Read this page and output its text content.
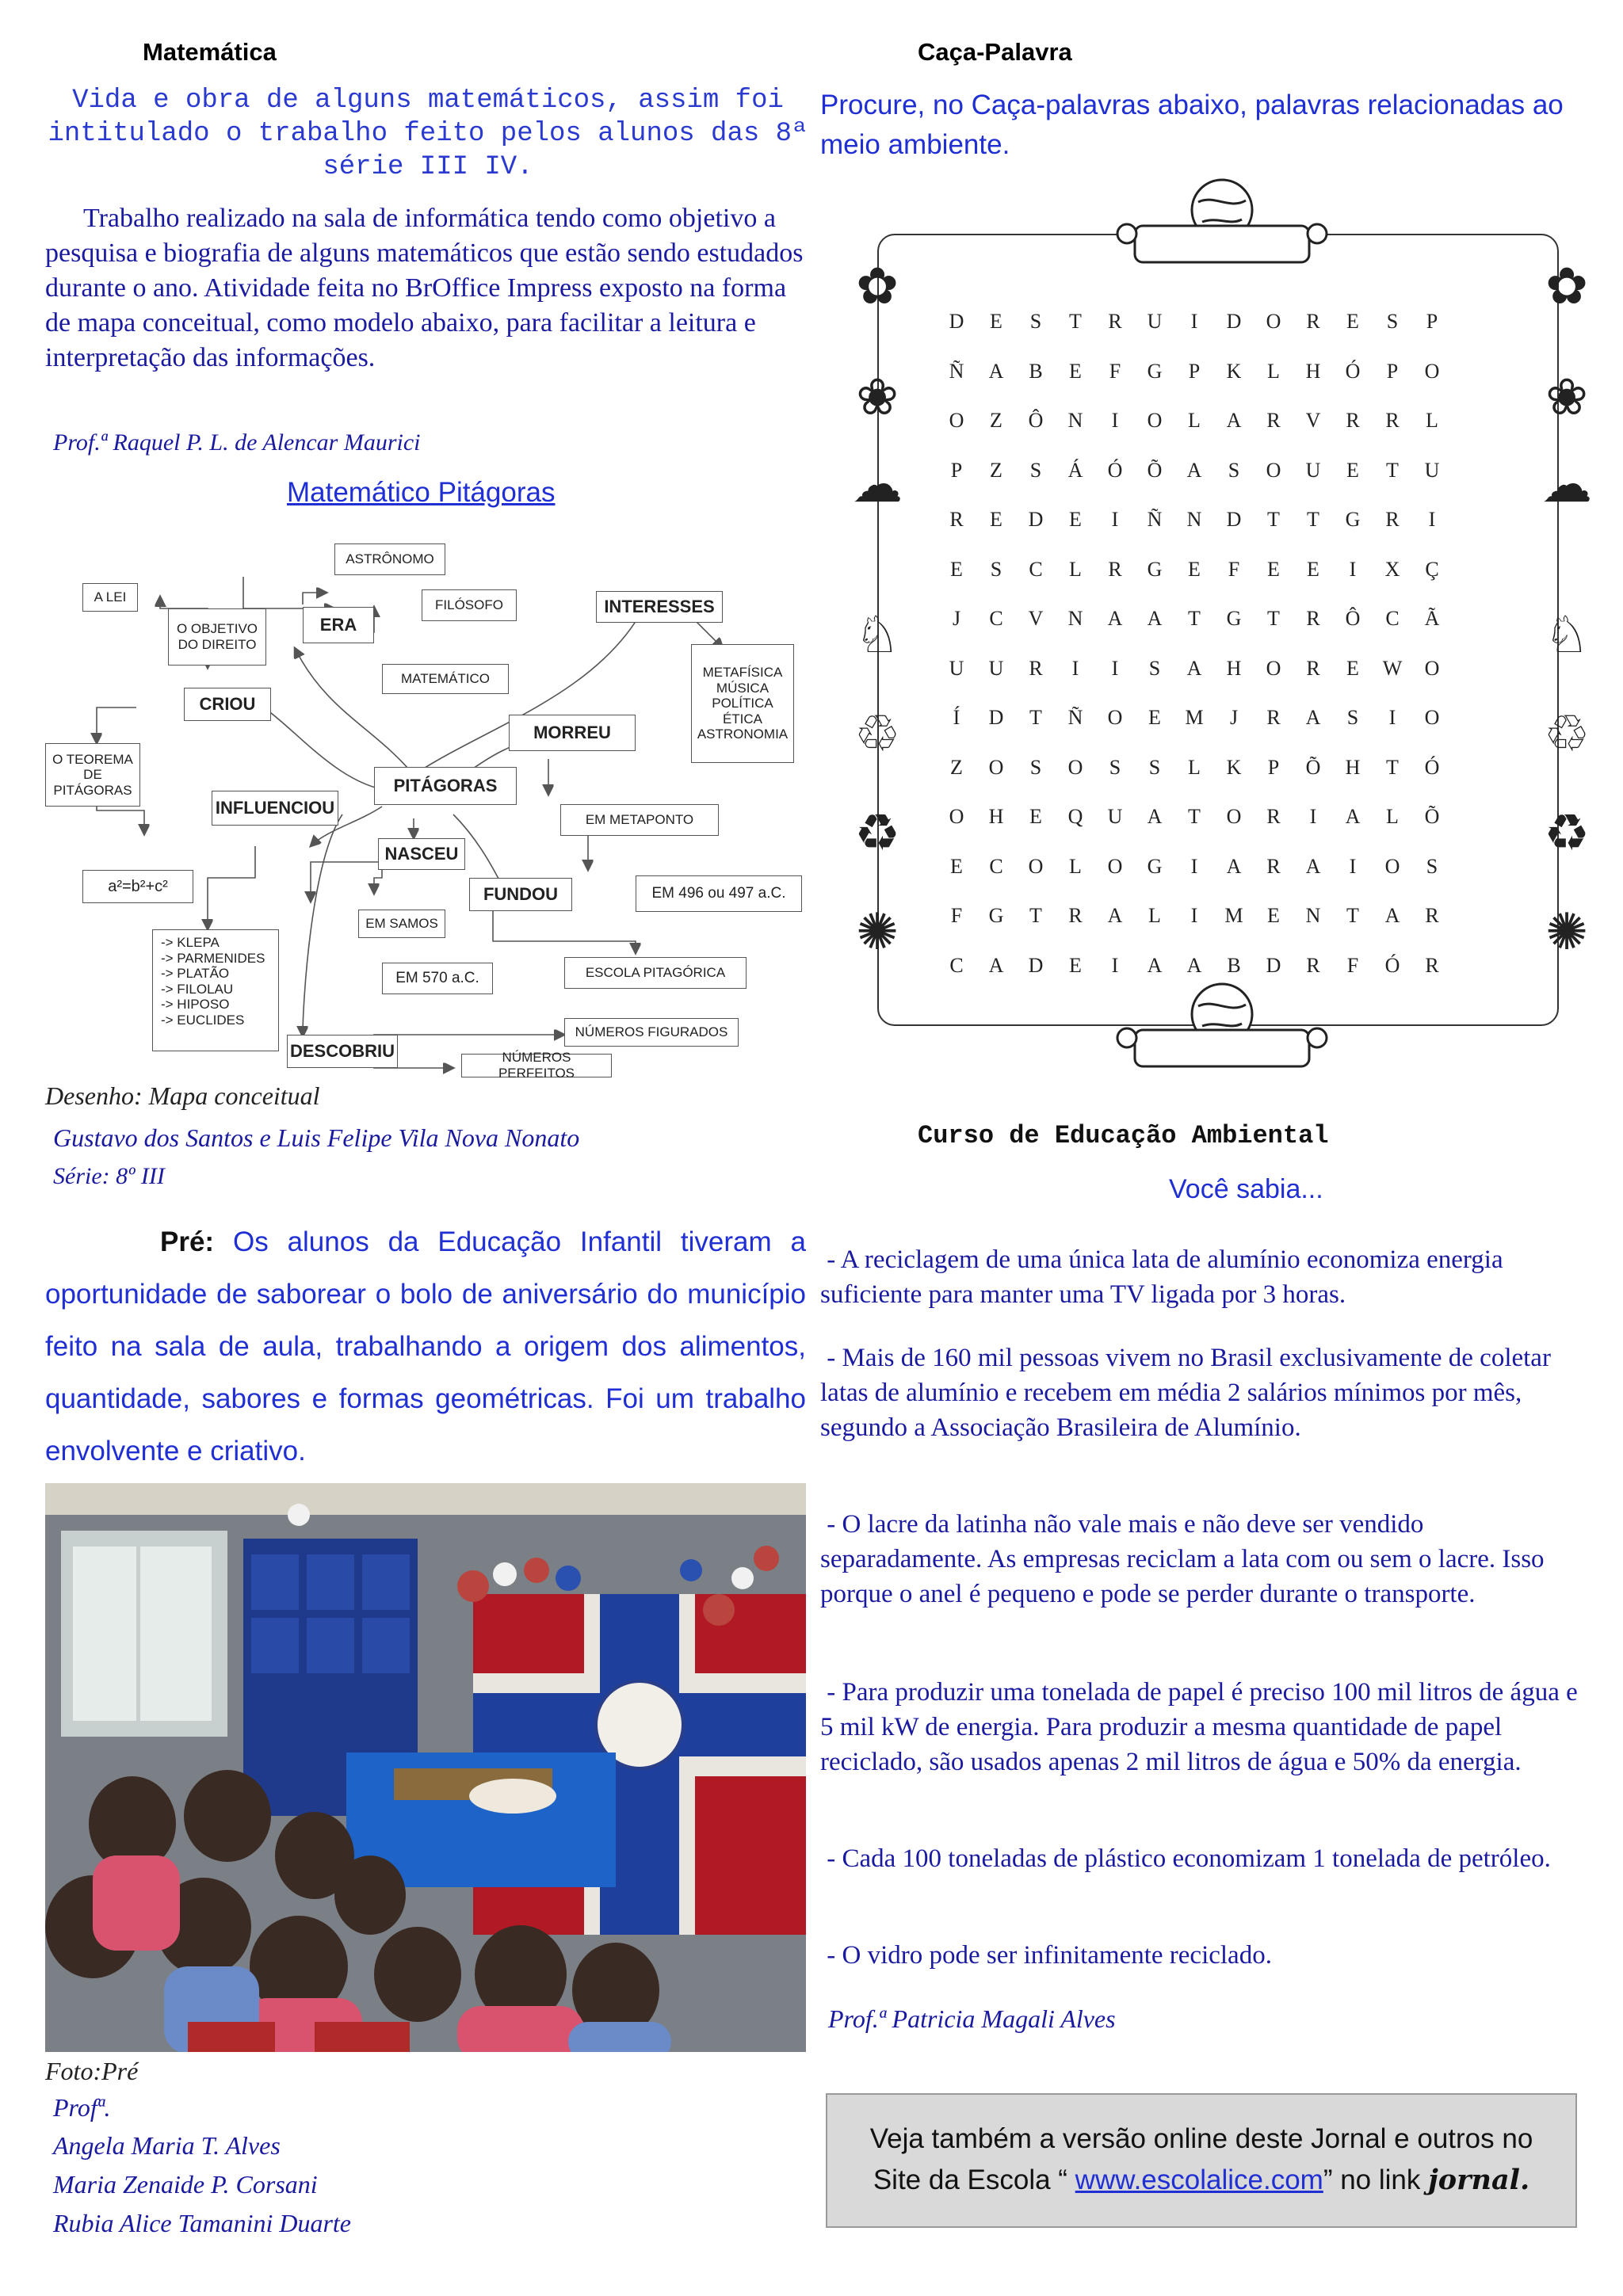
Matemática
Vida e obra de alguns matemáticos, assim foi intitulado o trabalho feito pelos alunos das 8ª série III IV.
Trabalho realizado na sala de informática tendo como objetivo a pesquisa e biografia de alguns matemáticos que estão sendo estudados durante o ano. Atividade feita no BrOffice Impress exposto na forma de mapa conceitual, como modelo abaixo, para facilitar a leitura e interpretação das informações.
Prof.ª Raquel P. L. de Alencar Maurici
Matemático Pitágoras
ASTRÔNOMO
FILÓSOFO
ERA
MATEMÁTICO
INTERESSES
METAFÍSICA
MÚSICA
POLÍTICA
ÉTICA
ASTRONOMIA
A LEI
O OBJETIVO
DO DIREITO
CRIOU
O TEOREMA
DE
PITÁGORAS
INFLUENCIOU
a²=b²+c²
-> KLEPA
-> PARMENIDES
-> PLATÃO
-> FILOLAU
-> HIPOSO
-> EUCLIDES
PITÁGORAS
MORREU
EM METAPONTO
EM 496 ou 497 a.C.
NASCEU
FUNDOU
EM SAMOS
EM 570 a.C.	ESCOLA PITAGÓRICA
DESCOBRIU
NÚMEROS FIGURADOS
NÚMEROS PERFEITOS
Desenho: Mapa conceitual
Gustavo dos Santos e Luis Felipe Vila Nova Nonato
Série: 8º III
Pré: Os alunos da Educação Infantil tiveram a oportunidade de saborear o bolo de aniversário do município feito na sala de aula, trabalhando a origem dos alimentos, quantidade, sabores e formas geométricas. Foi um trabalho envolvente e criativo.
Foto:Pré
Profª.
Angela Maria T. Alves
Maria Zenaide P. Corsani
Rubia Alice Tamanini Duarte
Caça-Palavra
Procure, no Caça-palavras abaixo, palavras relacionadas ao meio ambiente.
✿	✿
❀	❀
☁	☁
♘	♘
♲	♲
♻	♻
✺	✺
D	E	S	T	R	U	I	D	O	R	E	S	P
Ñ	A	B	E	F	G	P	K	L	H	Ó	P	O
O	Z	Ô	N	I	O	L	A	R	V	R	R	L
P	Z	S	Á	Ó	Õ	A	S	O	U	E	T	U
R	E	D	E	I	Ñ	N	D	T	T	G	R	I
E	S	C	L	R	G	E	F	E	E	I	X	Ç
J	C	V	N	A	A	T	G	T	R	Ô	C	Ã
U	U	R	I	I	S	A	H	O	R	E	W	O
Í	D	T	Ñ	O	E	M	J	R	A	S	I	O
Z	O	S	O	S	S	L	K	P	Õ	H	T	Ó
O	H	E	Q	U	A	T	O	R	I	A	L	Õ
E	C	O	L	O	G	I	A	R	A	I	O	S
F	G	T	R	A	L	I	M	E	N	T	A	R
C	A	D	E	I	A	A	B	D	R	F	Ó	R
Curso de Educação Ambiental
Você sabia...
- A reciclagem de uma única lata de alumínio economiza energia suficiente para manter uma TV ligada por 3 horas.
- Mais de 160 mil pessoas vivem no Brasil exclusivamente de coletar latas de alumínio e recebem em média 2 salários mínimos por mês, segundo a Associação Brasileira de Alumínio.
- O lacre da latinha não vale mais e não deve ser vendido separadamente. As empresas reciclam a lata com ou sem o lacre. Isso porque o anel é pequeno e pode se perder durante o transporte.
- Para produzir uma tonelada de papel é preciso 100 mil litros de água e 5 mil kW de energia. Para produzir a mesma quantidade de papel reciclado, são usados apenas 2 mil litros de água e 50% da energia.
- Cada 100 toneladas de plástico economizam 1 tonelada de petróleo.
- O vidro pode ser infinitamente reciclado.
Prof.ª Patricia Magali Alves
Veja também a versão online deste Jornal e outros no Site da Escola “ www.escolalice.com” no link jornal.
